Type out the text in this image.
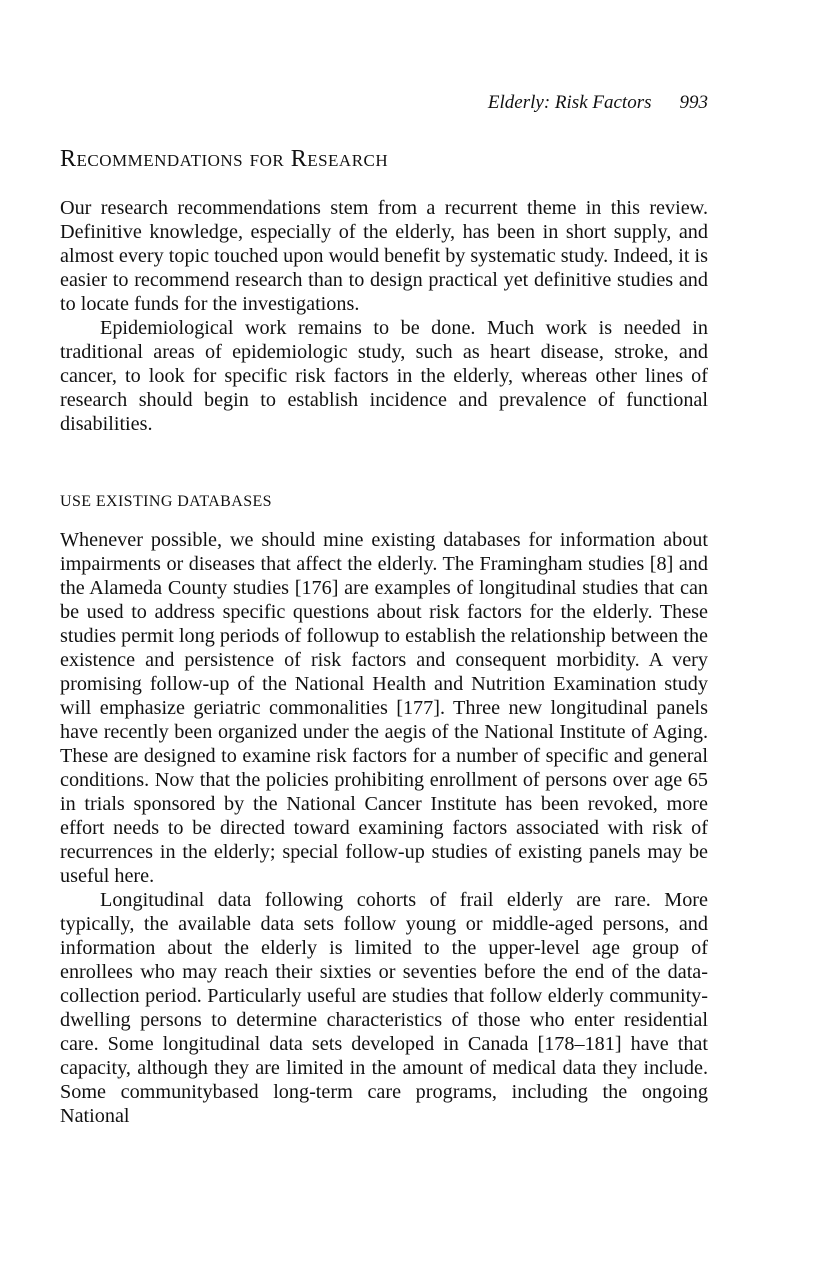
Elderly: Risk Factors 993
Recommendations for Research

Our research recommendations stem from a recurrent theme in this review. Definitive knowledge, especially of the elderly, has been in short supply, and almost every topic touched upon would benefit by systematic study. Indeed, it is easier to recommend research than to design practical yet definitive studies and to locate funds for the investigations.

Epidemiological work remains to be done. Much work is needed in traditional areas of epidemiologic study, such as heart disease, stroke, and cancer, to look for specific risk factors in the elderly, whereas other lines of research should begin to establish incidence and prevalence of functional disabilities.

USE EXISTING DATABASES

Whenever possible, we should mine existing databases for information about impairments or diseases that affect the elderly. The Framingham studies [8] and the Alameda County studies [176] are examples of longitudinal studies that can be used to address specific questions about risk factors for the elderly. These studies permit long periods of followup to establish the relationship between the existence and persistence of risk factors and consequent morbidity. A very promising follow-up of the National Health and Nutrition Examination study will emphasize geriatric commonalities [177]. Three new longitudinal panels have recently been organized under the aegis of the National Institute of Aging. These are designed to examine risk factors for a number of specific and general conditions. Now that the policies prohibiting enrollment of persons over age 65 in trials sponsored by the National Cancer Institute has been revoked, more effort needs to be directed toward examining factors associated with risk of recurrences in the elderly; special follow-up studies of existing panels may be useful here.

Longitudinal data following cohorts of frail elderly are rare. More typically, the available data sets follow young or middle-aged persons, and information about the elderly is limited to the upper-level age group of enrollees who may reach their sixties or seventies before the end of the data-collection period. Particularly useful are studies that follow elderly community-dwelling persons to determine characteristics of those who enter residential care. Some longitudinal data sets developed in Canada [178–181] have that capacity, although they are limited in the amount of medical data they include. Some communitybased long-term care programs, including the ongoing National
